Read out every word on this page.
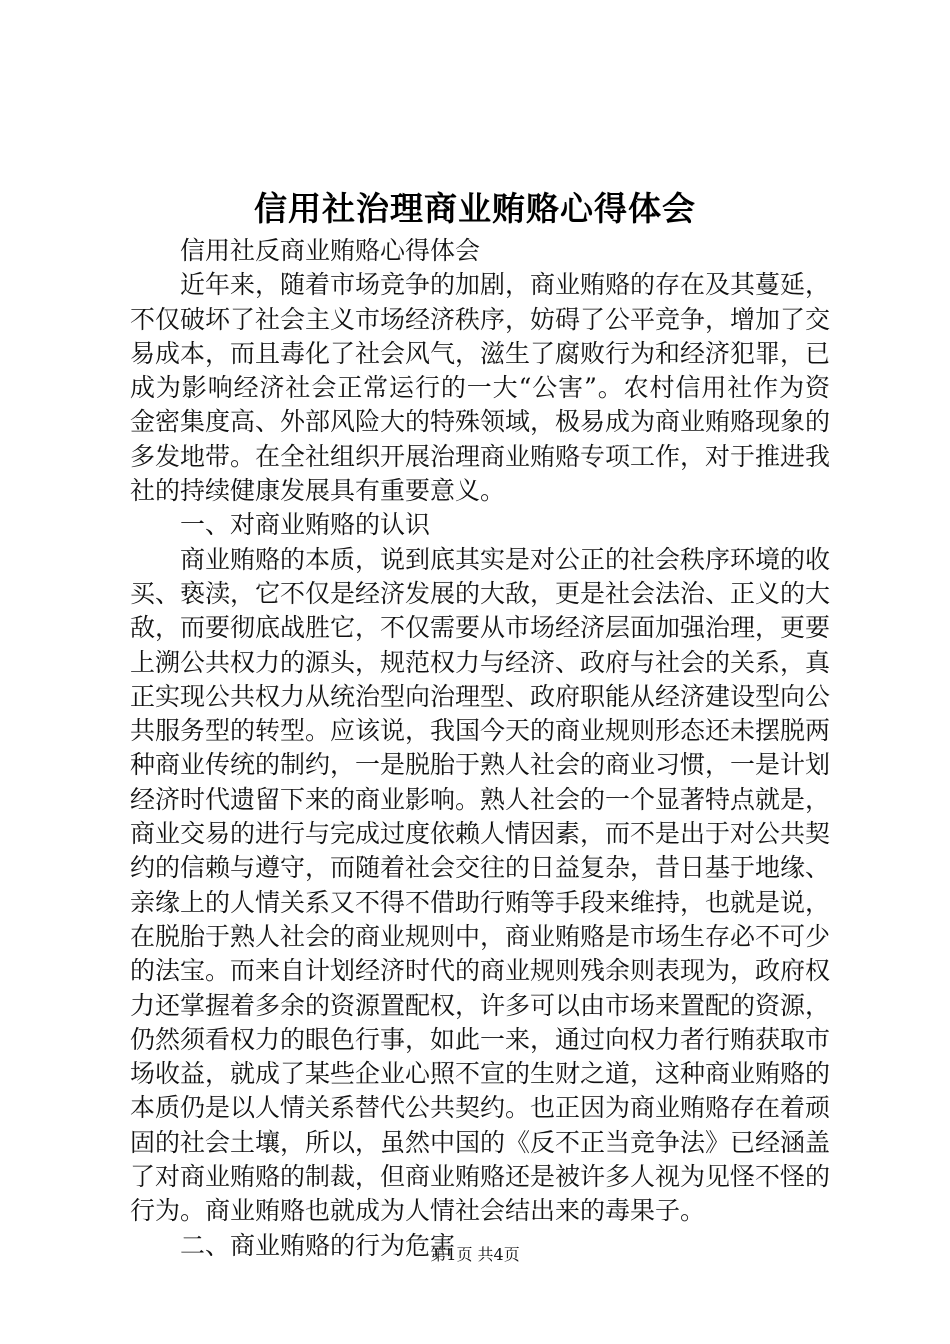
信用社治理商业贿赂心得体会

信用社反商业贿赂心得体会

近年来，随着市场竞争的加剧，商业贿赂的存在及其蔓延，不仅破坏了社会主义市场经济秩序，妨碍了公平竞争，增加了交易成本，而且毒化了社会风气，滋生了腐败行为和经济犯罪，已成为影响经济社会正常运行的一大“公害”。农村信用社作为资金密集度高、外部风险大的特殊领域，极易成为商业贿赂现象的多发地带。在全社组织开展治理商业贿赂专项工作，对于推进我社的持续健康发展具有重要意义。

一、对商业贿赂的认识

商业贿赂的本质，说到底其实是对公正的社会秩序环境的收买、亵渎，它不仅是经济发展的大敌，更是社会法治、正义的大敌，而要彻底战胜它，不仅需要从市场经济层面加强治理，更要上溯公共权力的源头，规范权力与经济、政府与社会的关系，真正实现公共权力从统治型向治理型、政府职能从经济建设型向公共服务型的转型。应该说，我国今天的商业规则形态还未摆脱两种商业传统的制约，一是脱胎于熟人社会的商业习惯，一是计划经济时代遗留下来的商业影响。熟人社会的一个显著特点就是，商业交易的进行与完成过度依赖人情因素，而不是出于对公共契约的信赖与遵守，而随着社会交往的日益复杂，昔日基于地缘、亲缘上的人情关系又不得不借助行贿等手段来维持，也就是说，在脱胎于熟人社会的商业规则中，商业贿赂是市场生存必不可少的法宝。而来自计划经济时代的商业规则残余则表现为，政府权力还掌握着多余的资源置配权，许多可以由市场来置配的资源，仍然须看权力的眼色行事，如此一来，通过向权力者行贿获取市场收益，就成了某些企业心照不宣的生财之道，这种商业贿赂的本质仍是以人情关系替代公共契约。也正因为商业贿赂存在着顽固的社会土壤，所以，虽然中国的《反不正当竞争法》已经涵盖了对商业贿赂的制裁，但商业贿赂还是被许多人视为见怪不怪的行为。商业贿赂也就成为人情社会结出来的毒果子。

二、商业贿赂的行为危害

第1页 共4页
